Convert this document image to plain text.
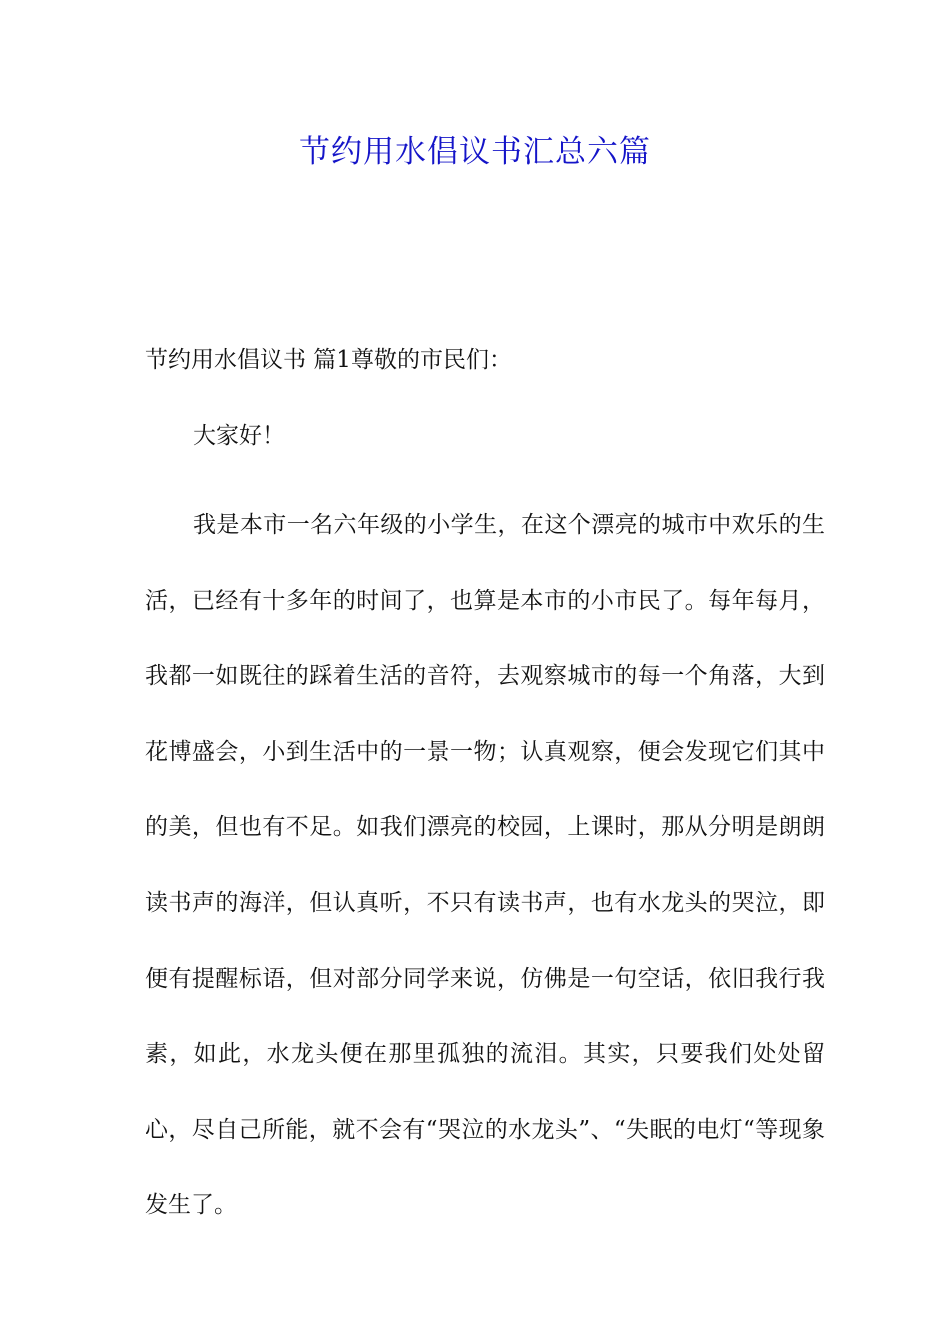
节约用水倡议书汇总六篇

节约用水倡议书 篇1尊敬的市民们：

大家好！

我是本市一名六年级的小学生，在这个漂亮的城市中欢乐的生活，已经有十多年的时间了，也算是本市的小市民了。每年每月，我都一如既往的踩着生活的音符，去观察城市的每一个角落，大到花博盛会，小到生活中的一景一物；认真观察，便会发现它们其中的美，但也有不足。如我们漂亮的校园，上课时，那从分明是朗朗读书声的海洋，但认真听，不只有读书声，也有水龙头的哭泣，即便有提醒标语，但对部分同学来说，仿佛是一句空话，依旧我行我素，如此，水龙头便在那里孤独的流泪。其实，只要我们处处留心，尽自己所能，就不会有“哭泣的水龙头”、“失眠的电灯“等现象发生了。
